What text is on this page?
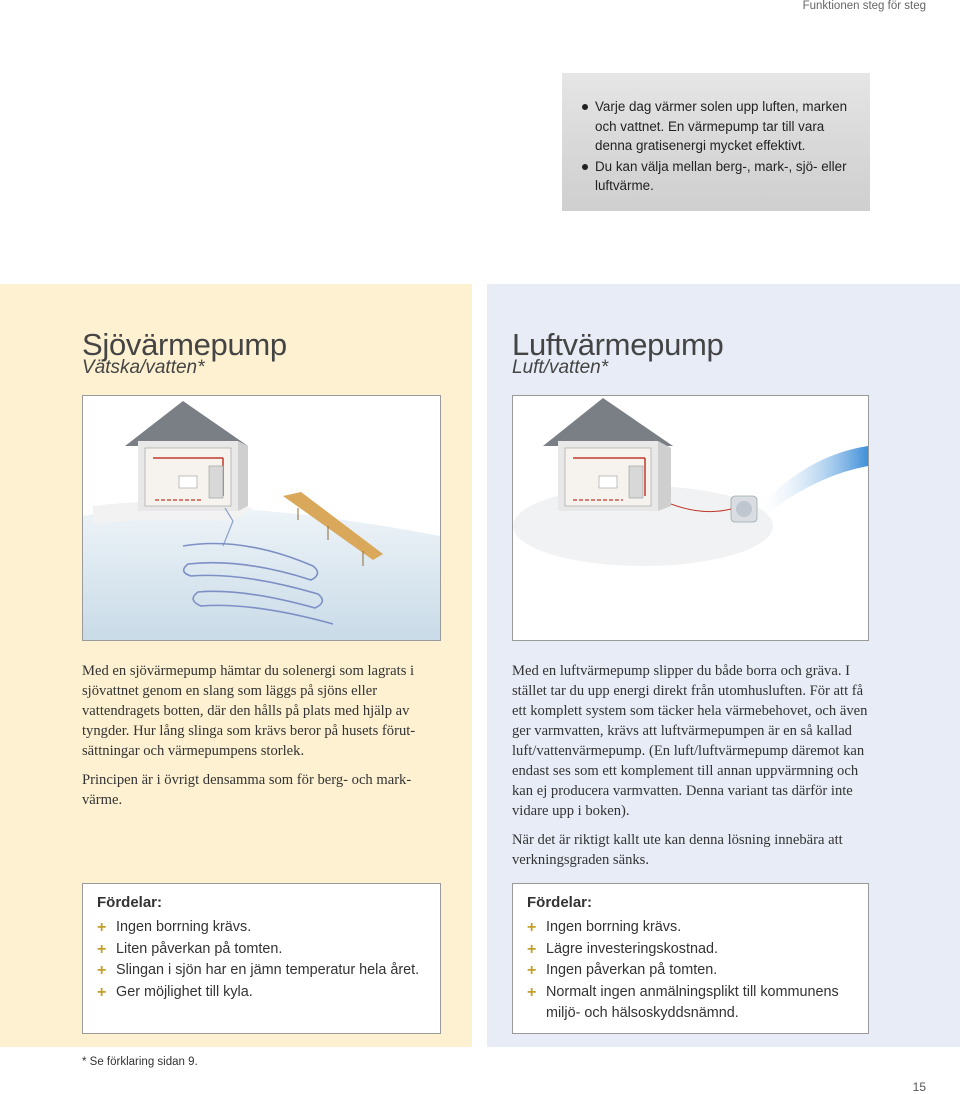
Funktionen steg för steg
Varje dag värmer solen upp luften, marken och vattnet. En värmepump tar till vara denna gratisenergi mycket effektivt.
Du kan välja mellan berg-, mark-, sjö- eller luftvärme.
Sjövärmepump
Vätska/vatten*

Med en sjövärmepump hämtar du solenergi som lagrats i sjövattnet genom en slang som läggs på sjöns eller vattendragets botten, där den hålls på plats med hjälp av tyngder. Hur lång slinga som krävs beror på husets förut-sättningar och värmepumpens storlek.

Principen är i övrigt densamma som för berg- och mark-värme.

Fördelar:
+ Ingen borrning krävs.
+ Liten påverkan på tomten.
+ Slingan i sjön har en jämn temperatur hela året.
+ Ger möjlighet till kyla.
Luftvärmepump
Luft/vatten*

Med en luftvärmepump slipper du både borra och gräva. I stället tar du upp energi direkt från utomhusluften. För att få ett komplett system som täcker hela värmebehovet, och även ger varmvatten, krävs att luftvärmepumpen är en så kallad luft/vattenvärmepump. (En luft/luftvärmepump däremot kan endast ses som ett komplement till annan uppvärmning och kan ej producera varmvatten. Denna variant tas därför inte vidare upp i boken).

När det är riktigt kallt ute kan denna lösning innebära att verkningsgraden sänks.

Fördelar:
+ Ingen borrning krävs.
+ Lägre investeringskostnad.
+ Ingen påverkan på tomten.
+ Normalt ingen anmälningsplikt till kommunens miljö- och hälsoskyddsnämnd.
* Se förklaring sidan 9.
15
